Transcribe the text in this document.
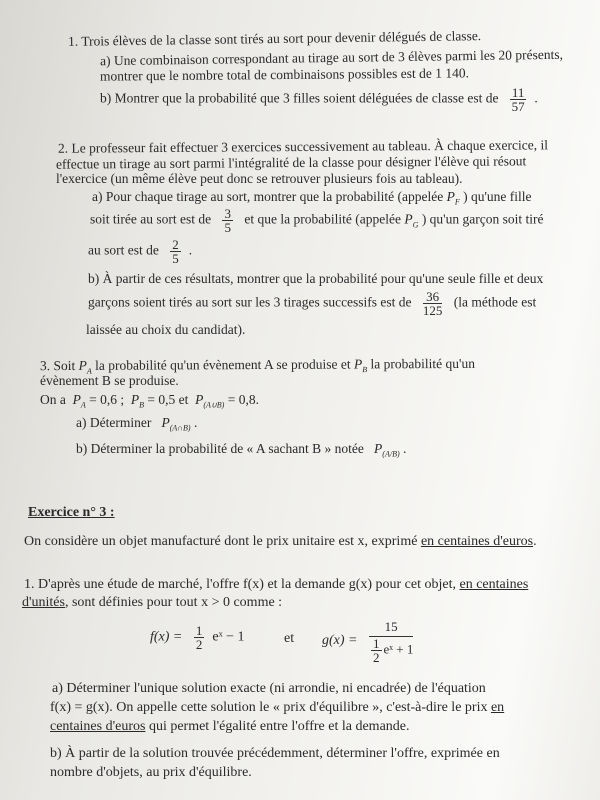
1. Trois élèves de la classe sont tirés au sort pour devenir délégués de classe.
a) Une combinaison correspondant au tirage au sort de 3 élèves parmi les 20 présents,
montrer que le nombre total de combinaisons possibles est de 1 140.
b) Montrer que la probabilité que 3 filles soient déléguées de classe est de $\frac{11}{57}$ .
2. Le professeur fait effectuer 3 exercices successivement au tableau. À chaque exercice, il
effectue un tirage au sort parmi l'intégralité de la classe pour désigner l'élève qui résout
l'exercice (un même élève peut donc se retrouver plusieurs fois au tableau).
a) Pour chaque tirage au sort, montrer que la probabilité (appelée $P_F$ ) qu'une fille
soit tirée au sort est de $\frac{3}{5}$ et que la probabilité (appelée $P_G$ ) qu'un garçon soit tiré
au sort est de $\frac{2}{5}$ .
b) À partir de ces résultats, montrer que la probabilité pour qu'une seule fille et deux
garçons soient tirés au sort sur les 3 tirages successifs est de $\frac{36}{125} (la$ méthode est
laissée au choix du candidat).
3. Soit $P_A$ la probabilité qu'un évènement A se produise et $P_B$ la probabilité qu'un
évènement B se produise.
On a $P_A = 0,6$ ; $P_B = 0,5$ et $P_{(A\cup B)} = 0,8$.
a) Déterminer $P_{(A\cap B)}$ .
b) Déterminer la probabilité de « A sachant B » notée $P_{(A/B)}$ .
Exercice n° 3 :
On considère un objet manufacturé dont le prix unitaire est x, exprimé en centaines d'euros.
1. D'après une étude de marché, l'offre f(x) et la demande g(x) pour cet objet, en centaines
d'unités, sont définies pour tout x > 0 comme :
$f(x) = \frac{1}{2}$ eˣ − 1	et $g(x) = \frac{15}{\frac{1}{2} eˣ + 1}$
a) Déterminer l'unique solution exacte (ni arrondie, ni encadrée) de l'équation
f(x) = g(x). On appelle cette solution le « prix d'équilibre », c'est-à-dire le prix en
centaines d'euros qui permet l'égalité entre l'offre et la demande.
b) À partir de la solution trouvée précédemment, déterminer l'offre, exprimée en
nombre d'objets, au prix d'équilibre.
